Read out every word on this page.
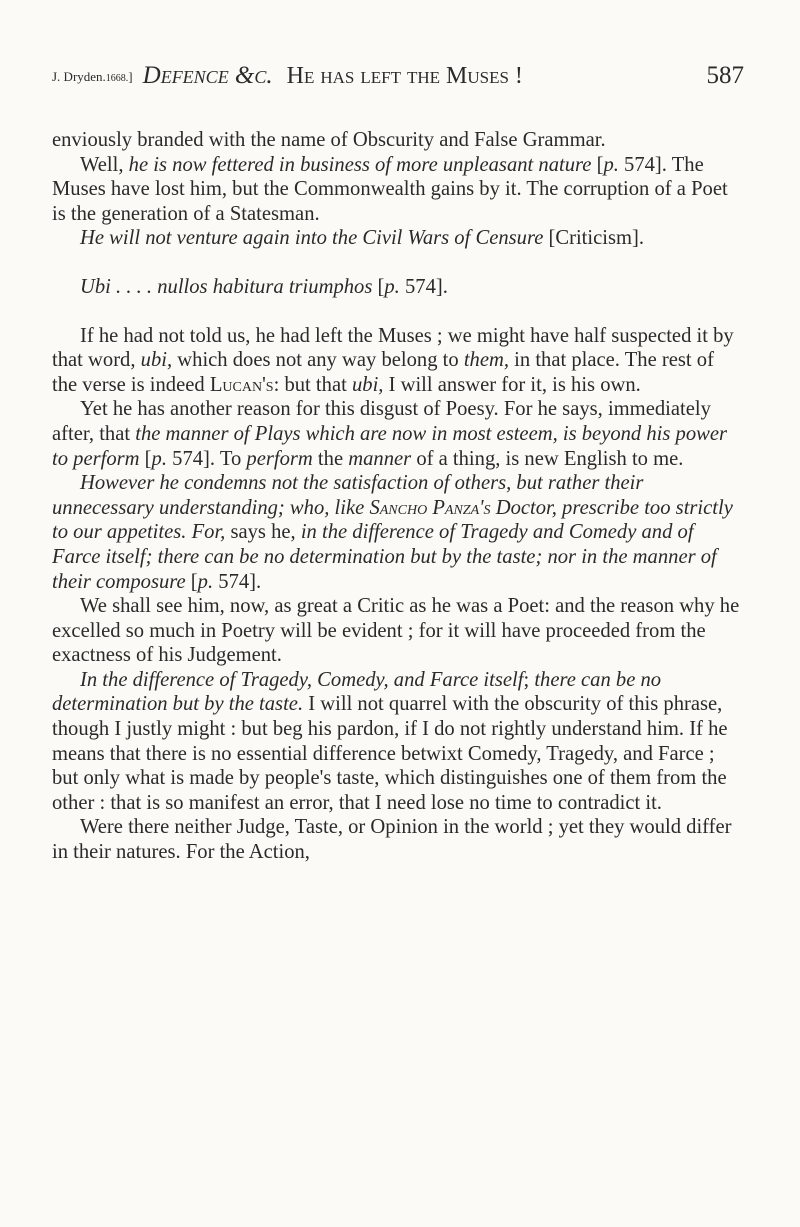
J. Dryden.1668.] Defence &c. He has left the Muses !	587

enviously branded with the name of Obscurity and False Grammar.

Well, he is now fettered in business of more unpleasant nature [p. 574]. The Muses have lost him, but the Commonwealth gains by it. The corruption of a Poet is the generation of a Statesman.

He will not venture again into the Civil Wars of Censure [Criticism].

Ubi . . . . nullos habitura triumphos [p. 574].

If he had not told us, he had left the Muses ; we might have half suspected it by that word, ubi, which does not any way belong to them, in that place. The rest of the verse is indeed Lucan's: but that ubi, I will answer for it, is his own.

Yet he has another reason for this disgust of Poesy. For he says, immediately after, that the manner of Plays which are now in most esteem, is beyond his power to perform [p. 574]. To perform the manner of a thing, is new English to me.

However he condemns not the satisfaction of others, but rather their unnecessary understanding; who, like Sancho Panza's Doctor, prescribe too strictly to our appetites. For, says he, in the difference of Tragedy and Comedy and of Farce itself; there can be no determination but by the taste; nor in the manner of their composure [p. 574].

We shall see him, now, as great a Critic as he was a Poet: and the reason why he excelled so much in Poetry will be evident ; for it will have proceeded from the exactness of his Judgement.

In the difference of Tragedy, Comedy, and Farce itself; there can be no determination but by the taste. I will not quarrel with the obscurity of this phrase, though I justly might : but beg his pardon, if I do not rightly understand him. If he means that there is no essential difference betwixt Comedy, Tragedy, and Farce ; but only what is made by people's taste, which distinguishes one of them from the other : that is so manifest an error, that I need lose no time to contradict it.

Were there neither Judge, Taste, or Opinion in the world ; yet they would differ in their natures. For the Action,
